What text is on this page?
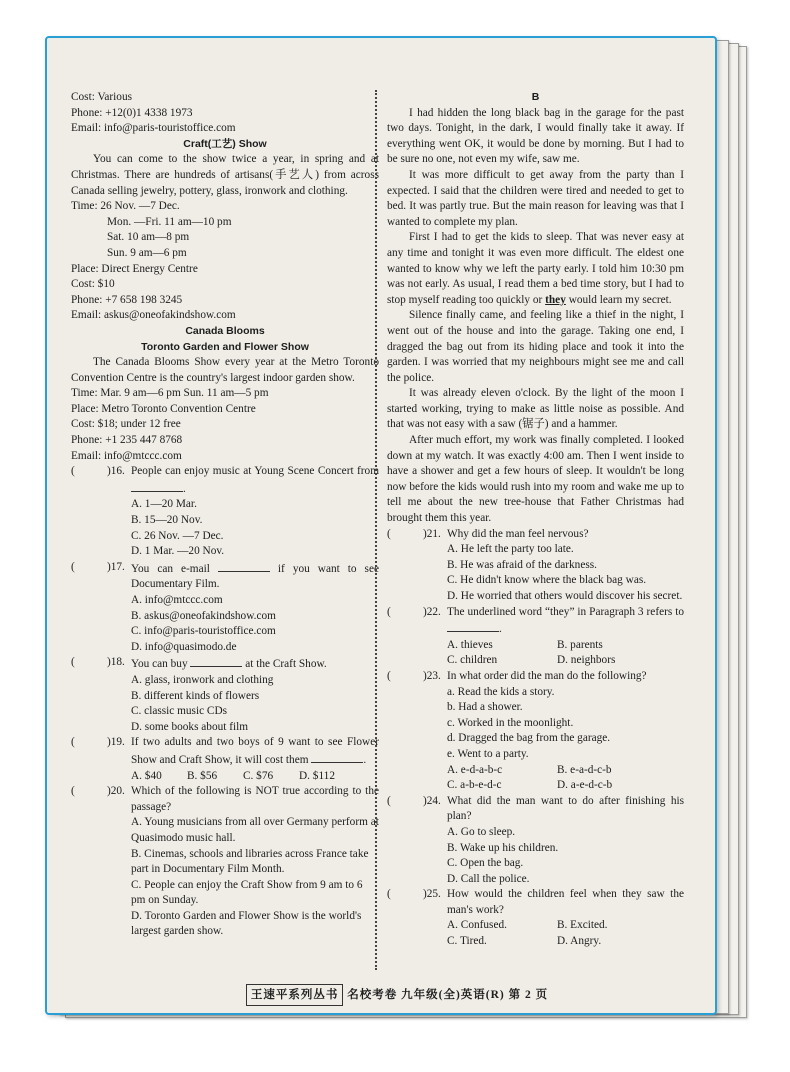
Cost: Various
Phone: +12(0)1 4338 1973
Email: info@paris-touristoffice.com
Craft(工艺) Show
You can come to the show twice a year, in spring and at Christmas. There are hundreds of artisans(手艺人) from across Canada selling jewelry, pottery, glass, ironwork and clothing.
Time: 26 Nov. —7 Dec.
Mon. —Fri. 11 am—10 pm
Sat. 10 am—8 pm
Sun. 9 am—6 pm
Place: Direct Energy Centre
Cost: $10
Phone: +7 658 198 3245
Email: askus@oneofakindshow.com
Canada Blooms
Toronto Garden and Flower Show
The Canada Blooms Show every year at the Metro Toronto Convention Centre is the country's largest indoor garden show.
Time: Mar. 9 am—6 pm Sun. 11 am—5 pm
Place: Metro Toronto Convention Centre
Cost: $18; under 12 free
Phone: +1 235 447 8768
Email: info@mtccc.com
(	)16. People can enjoy music at Young Scene Concert from .
A. 1—20 Mar.
B. 15—20 Nov.
C. 26 Nov. —7 Dec.
D. 1 Mar. —20 Nov.
(	)17. You can e-mail	if you want to see Documentary Film.
A. info@mtccc.com
B. askus@oneofakindshow.com
C. info@paris-touristoffice.com
D. info@quasimodo.de
(	)18. You can buy	at the Craft Show.
A. glass, ironwork and clothing
B. different kinds of flowers
C. classic music CDs
D. some books about film
(	)19. If two adults and two boys of 9 want to see Flower Show and Craft Show, it will cost them	.
A. $40	B. $56	C. $76	D. $112
(	)20. Which of the following is NOT true according to the passage?
A. Young musicians from all over Germany perform at Quasimodo music hall.
B. Cinemas, schools and libraries across France take part in Documentary Film Month.
C. People can enjoy the Craft Show from 9 am to 6 pm on Sunday.
D. Toronto Garden and Flower Show is the world's largest garden show.
B
I had hidden the long black bag in the garage for the past two days. Tonight, in the dark, I would finally take it away. If everything went OK, it would be done by morning. But I had to be sure no one, not even my wife, saw me.
It was more difficult to get away from the party than I expected. I said that the children were tired and needed to get to bed. It was partly true. But the main reason for leaving was that I wanted to complete my plan.
First I had to get the kids to sleep. That was never easy at any time and tonight it was even more difficult. The eldest one wanted to know why we left the party early. I told him 10:30 pm was not early. As usual, I read them a bed time story, but I had to stop myself reading too quickly or they would learn my secret.
Silence finally came, and feeling like a thief in the night, I went out of the house and into the garage. Taking one end, I dragged the bag out from its hiding place and took it into the garden. I was worried that my neighbours might see me and call the police.
It was already eleven o'clock. By the light of the moon I started working, trying to make as little noise as possible. And that was not easy with a saw (锯子) and a hammer.
After much effort, my work was finally completed. I looked down at my watch. It was exactly 4:00 am. Then I went inside to have a shower and get a few hours of sleep. It wouldn't be long now before the kids would rush into my room and wake me up to tell me about the new tree-house that Father Christmas had brought them this year.
(	)21. Why did the man feel nervous?
A. He left the party too late.
B. He was afraid of the darkness.
C. He didn't know where the black bag was.
D. He worried that others would discover his secret.
(	)22. The underlined word “they” in Paragraph 3 refers to .
A. thieves	B. parents
C. children	D. neighbors
(	)23. In what order did the man do the following?
a. Read the kids a story.
b. Had a shower.
c. Worked in the moonlight.
d. Dragged the bag from the garage.
e. Went to a party.
A. e-d-a-b-c	B. e-a-d-c-b
C. a-b-e-d-c	D. a-e-d-c-b
(	)24. What did the man want to do after finishing his plan?
A. Go to sleep.
B. Wake up his children.
C. Open the bag.
D. Call the police.
(	)25. How would the children feel when they saw the man's work?
A. Confused.	B. Excited.
C. Tired.	D. Angry.
王速平系列丛书 名校考卷 九年级(全)英语(R) 第 2 页
